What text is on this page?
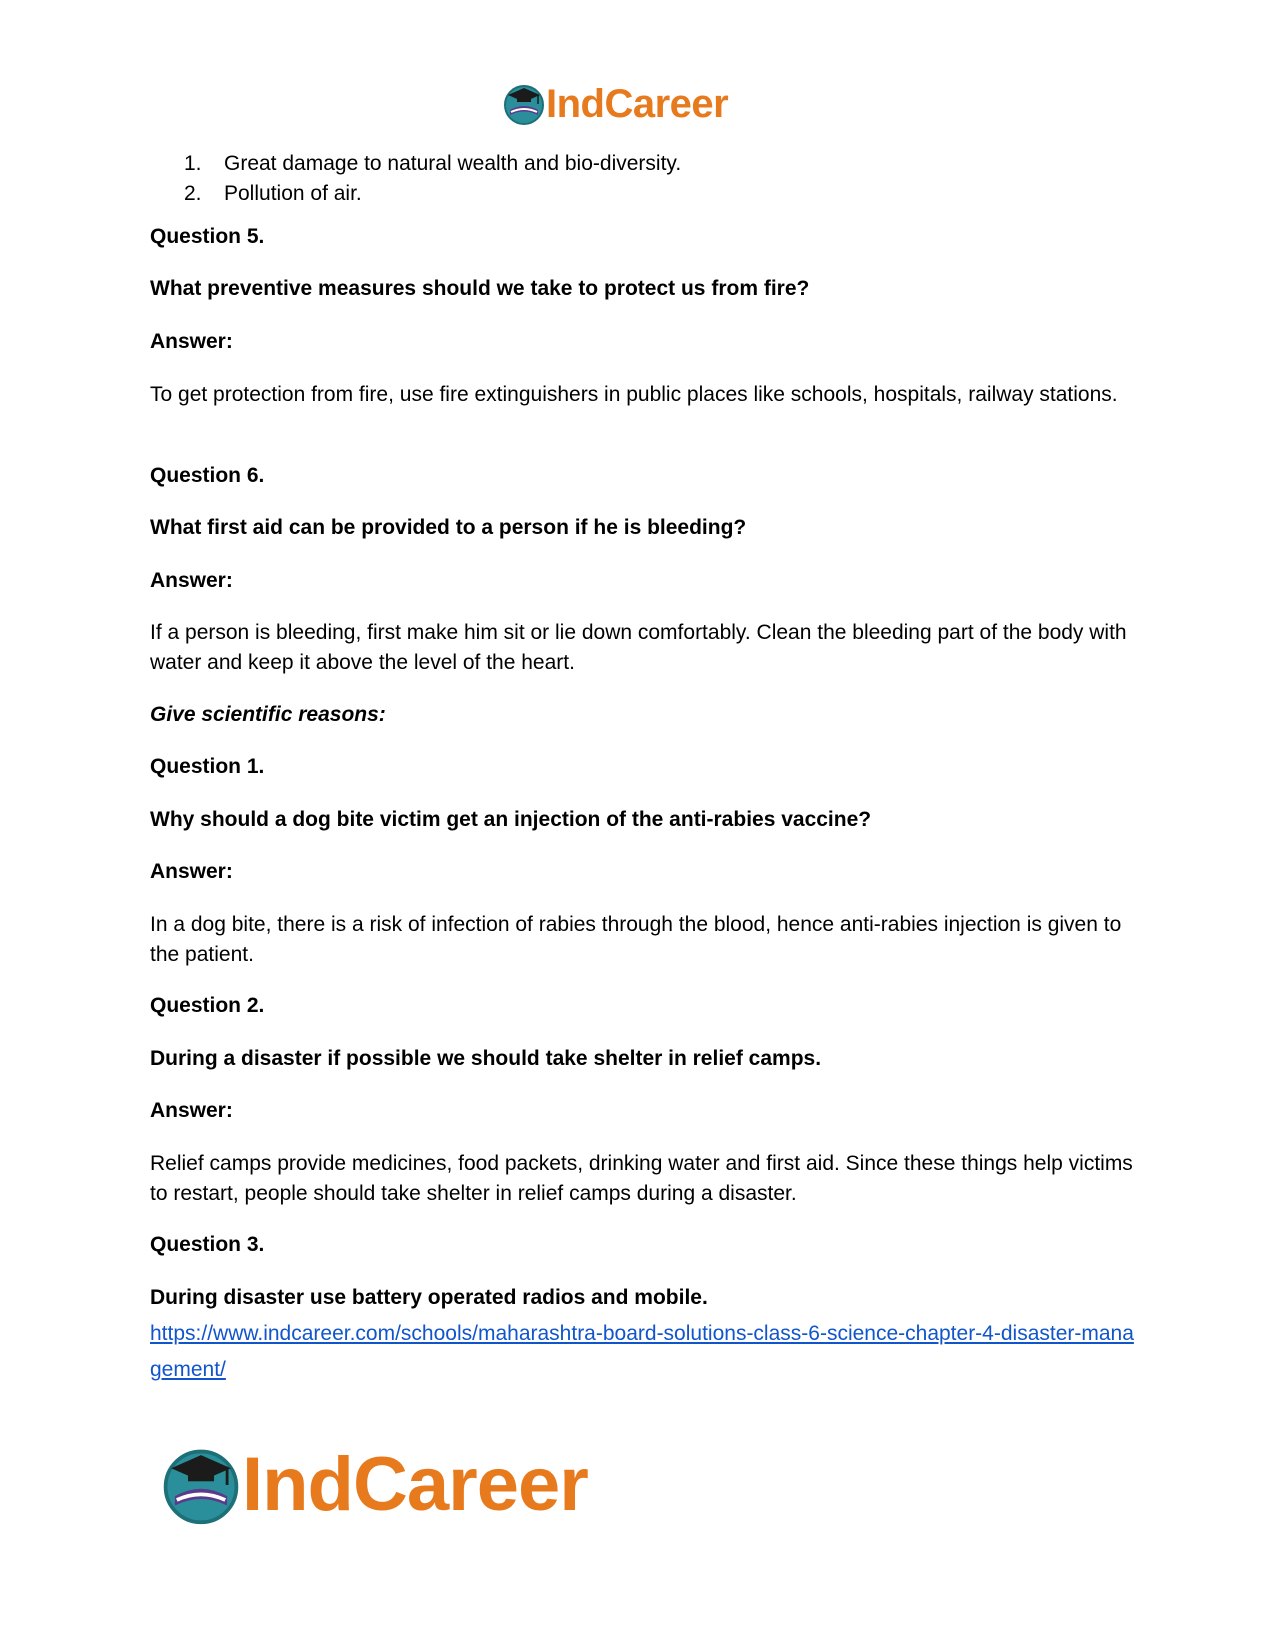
IndCareer
1. Great damage to natural wealth and bio-diversity.
2. Pollution of air.

Question 5.

What preventive measures should we take to protect us from fire?

Answer:

To get protection from fire, use fire extinguishers in public places like schools, hospitals, railway stations.

Question 6.

What first aid can be provided to a person if he is bleeding?

Answer:

If a person is bleeding, first make him sit or lie down comfortably. Clean the bleeding part of the body with water and keep it above the level of the heart.

Give scientific reasons:

Question 1.

Why should a dog bite victim get an injection of the anti-rabies vaccine?

Answer:

In a dog bite, there is a risk of infection of rabies through the blood, hence anti-rabies injection is given to the patient.

Question 2.

During a disaster if possible we should take shelter in relief camps.

Answer:

Relief camps provide medicines, food packets, drinking water and first aid. Since these things help victims to restart, people should take shelter in relief camps during a disaster.

Question 3.

During disaster use battery operated radios and mobile.

https://www.indcareer.com/schools/maharashtra-board-solutions-class-6-science-chapter-4-disaster-management/
IndCareer
